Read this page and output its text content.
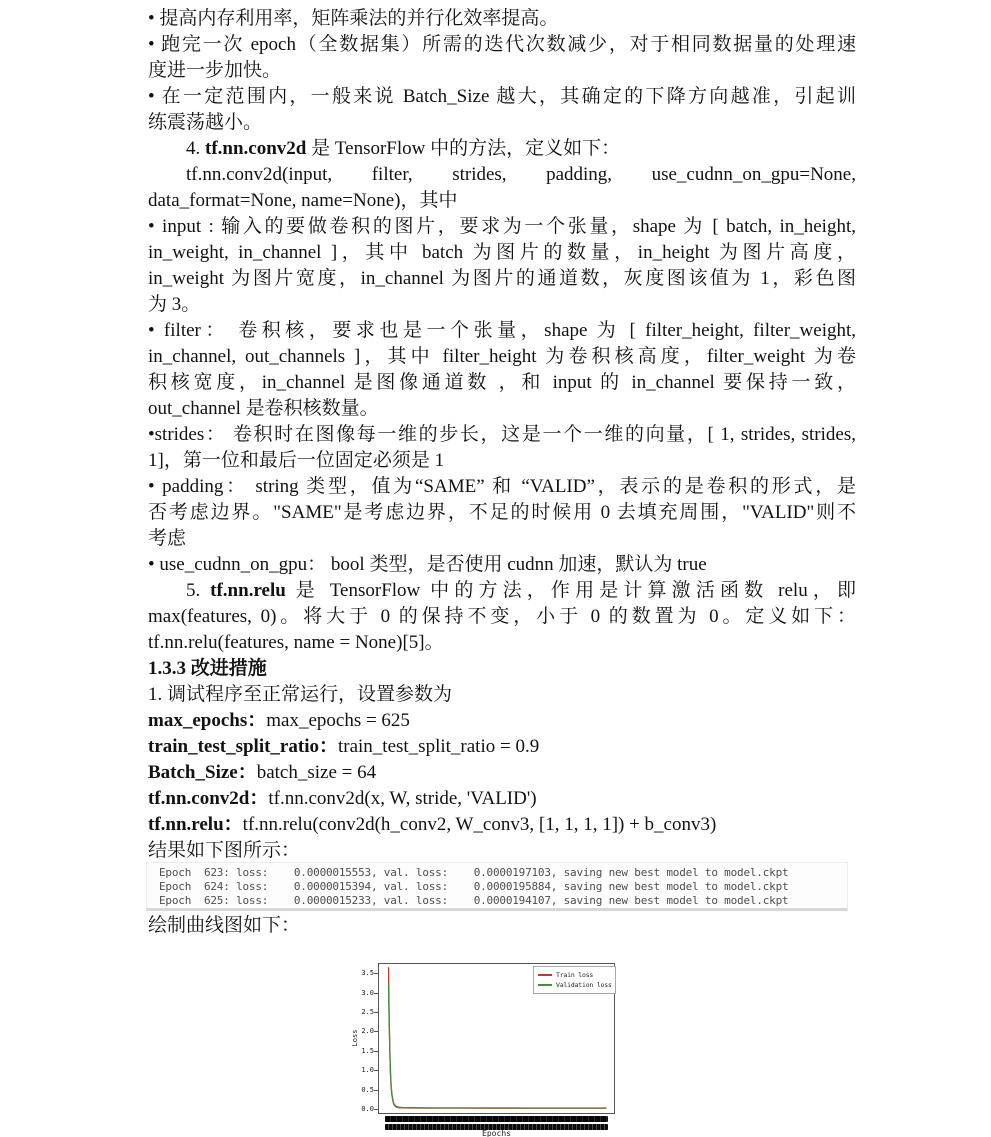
• 提高内存利用率，矩阵乘法的并行化效率提高。
• 跑完一次 epoch（全数据集）所需的迭代次数减少，对于相同数据量的处理速
度进一步加快。
• 在一定范围内，一般来说 Batch_Size 越大，其确定的下降方向越准，引起训
练震荡越小。
4. tf.nn.conv2d 是 TensorFlow 中的方法，定义如下：
tf.nn.conv2d(input, filter, strides, padding, use_cudnn_on_gpu=None,
data_format=None, name=None)，其中
• input : 输入的要做卷积的图片，要求为一个张量，shape 为 [ batch, in_height,
in_weight, in_channel ]，其中 batch 为图片的数量，in_height 为图片高度，
in_weight 为图片宽度，in_channel 为图片的通道数，灰度图该值为 1，彩色图
为 3。
• filter： 卷积核，要求也是一个张量，shape 为 [ filter_height, filter_weight,
in_channel, out_channels ]，其中 filter_height 为卷积核高度，filter_weight 为卷
积核宽度，in_channel 是图像通道数 ，和 input 的 in_channel 要保持一致，
out_channel 是卷积核数量。
•strides： 卷积时在图像每一维的步长，这是一个一维的向量，[ 1, strides, strides,
1]，第一位和最后一位固定必须是 1
• padding： string 类型，值为“SAME” 和 “VALID”，表示的是卷积的形式，是
否考虑边界。"SAME"是考虑边界，不足的时候用 0 去填充周围，"VALID"则不
考虑
• use_cudnn_on_gpu： bool 类型，是否使用 cudnn 加速，默认为 true
5. tf.nn.relu 是 TensorFlow 中的方法，作用是计算激活函数 relu，即
max(features, 0)。将大于 0 的保持不变，小于 0 的数置为 0。定义如下：
tf.nn.relu(features, name = None)[5]。
1.3.3 改进措施
1. 调试程序至正常运行，设置参数为
max_epochs：max_epochs = 625
train_test_split_ratio：train_test_split_ratio = 0.9
Batch_Size：batch_size = 64
tf.nn.conv2d：tf.nn.conv2d(x, W, stride, 'VALID')
tf.nn.relu：tf.nn.relu(conv2d(h_conv2, W_conv3, [1, 1, 1, 1]) + b_conv3)
结果如下图所示：
Epoch  623: loss:    0.0000015553, val. loss:    0.0000197103, saving new best model to model.ckpt
Epoch  624: loss:    0.0000015394, val. loss:    0.0000195884, saving new best model to model.ckpt
Epoch  625: loss:    0.0000015233, val. loss:    0.0000194107, saving new best model to model.ckpt
绘制曲线图如下：
0.0
0.5
1.0
1.5
2.0
2.5
3.0
3.5
Loss
Train loss
Validation loss
Epochs
